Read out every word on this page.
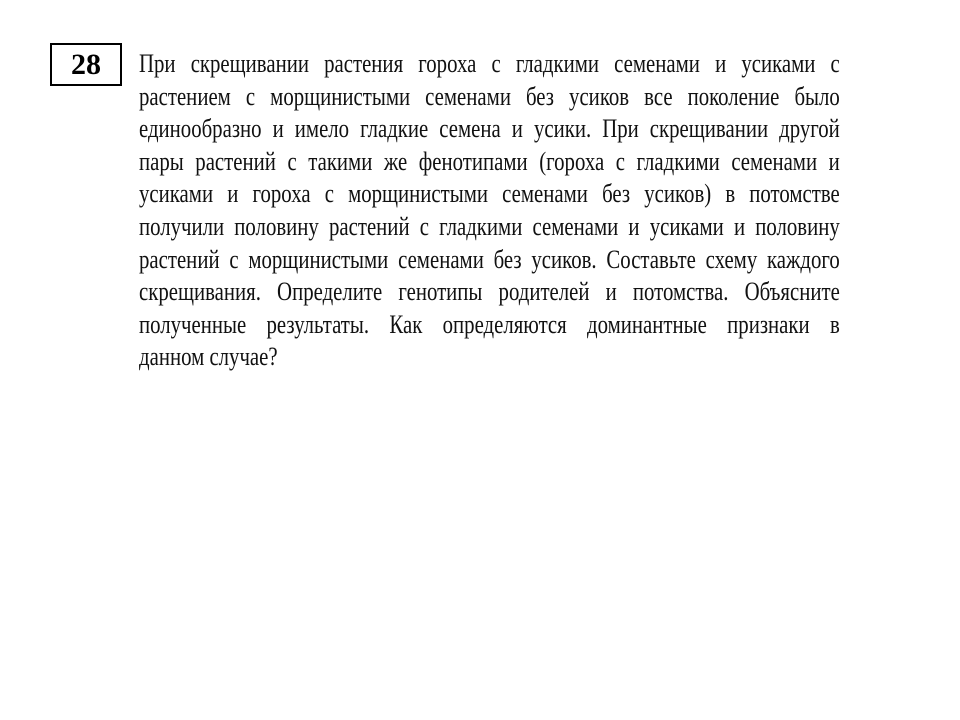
28 При скрещивании растения гороха с гладкими семенами и усиками с
растением с морщинистыми семенами без усиков все поколение было
единообразно и имело гладкие семена и усики. При скрещивании другой
пары растений с такими же фенотипами (гороха с гладкими семенами и
усиками и гороха с морщинистыми семенами без усиков) в потомстве
получили половину растений с гладкими семенами и усиками и половину
растений с морщинистыми семенами без усиков. Составьте схему каждого
скрещивания. Определите генотипы родителей и потомства. Объясните
полученные результаты. Как определяются доминантные признаки в
данном случае?
